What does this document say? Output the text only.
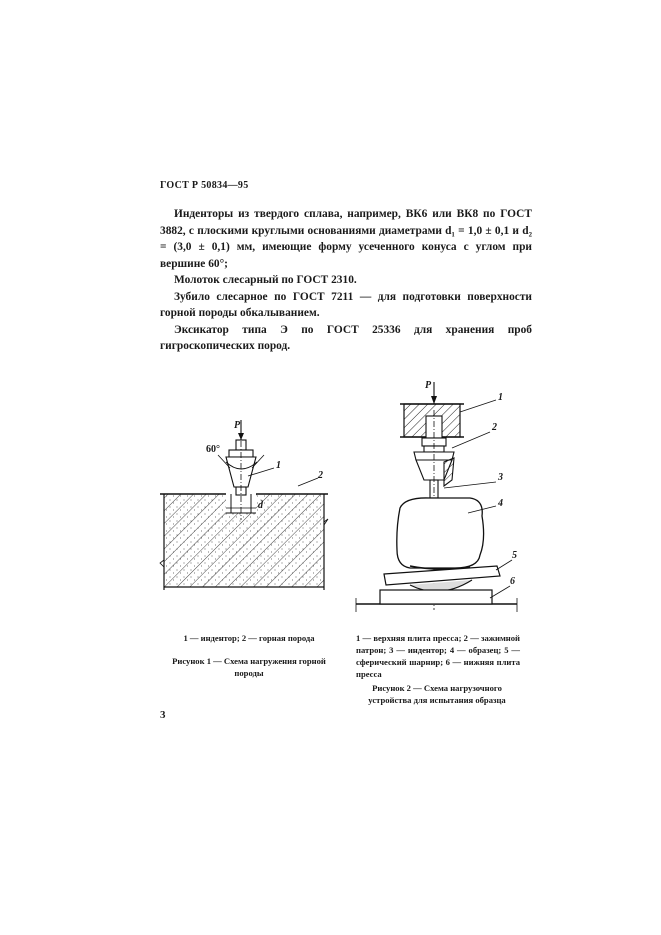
ГОСТ Р 50834—95

Инденторы из твердого сплава, например, ВК6 или ВК8 по ГОСТ 3882, с плоскими круглыми основаниями диаметрами d₁ = 1,0 ± 0,1 и d₂ = (3,0 ± 0,1) мм, имеющие форму усеченного конуса с углом при вершине 60°;

Молоток слесарный по ГОСТ 2310.

Зубило слесарное по ГОСТ 7211 — для подготовки поверхности горной породы обкалыванием.

Эксикатор типа Э по ГОСТ 25336 для хранения проб гигроскопических пород.

P
60°
1
2
d
P
1
2
3
4
5
6
1 — индентор; 2 — горная порода
Рисунок 1 — Схема нагружения горной породы
1 — верхняя плита пресса; 2 — зажимной патрон; 3 — индентор; 4 — образец; 5 — сферический шарнир; 6 — нижняя плита пресса
Рисунок 2 — Схема нагрузочного устройства для испытания образца
3
